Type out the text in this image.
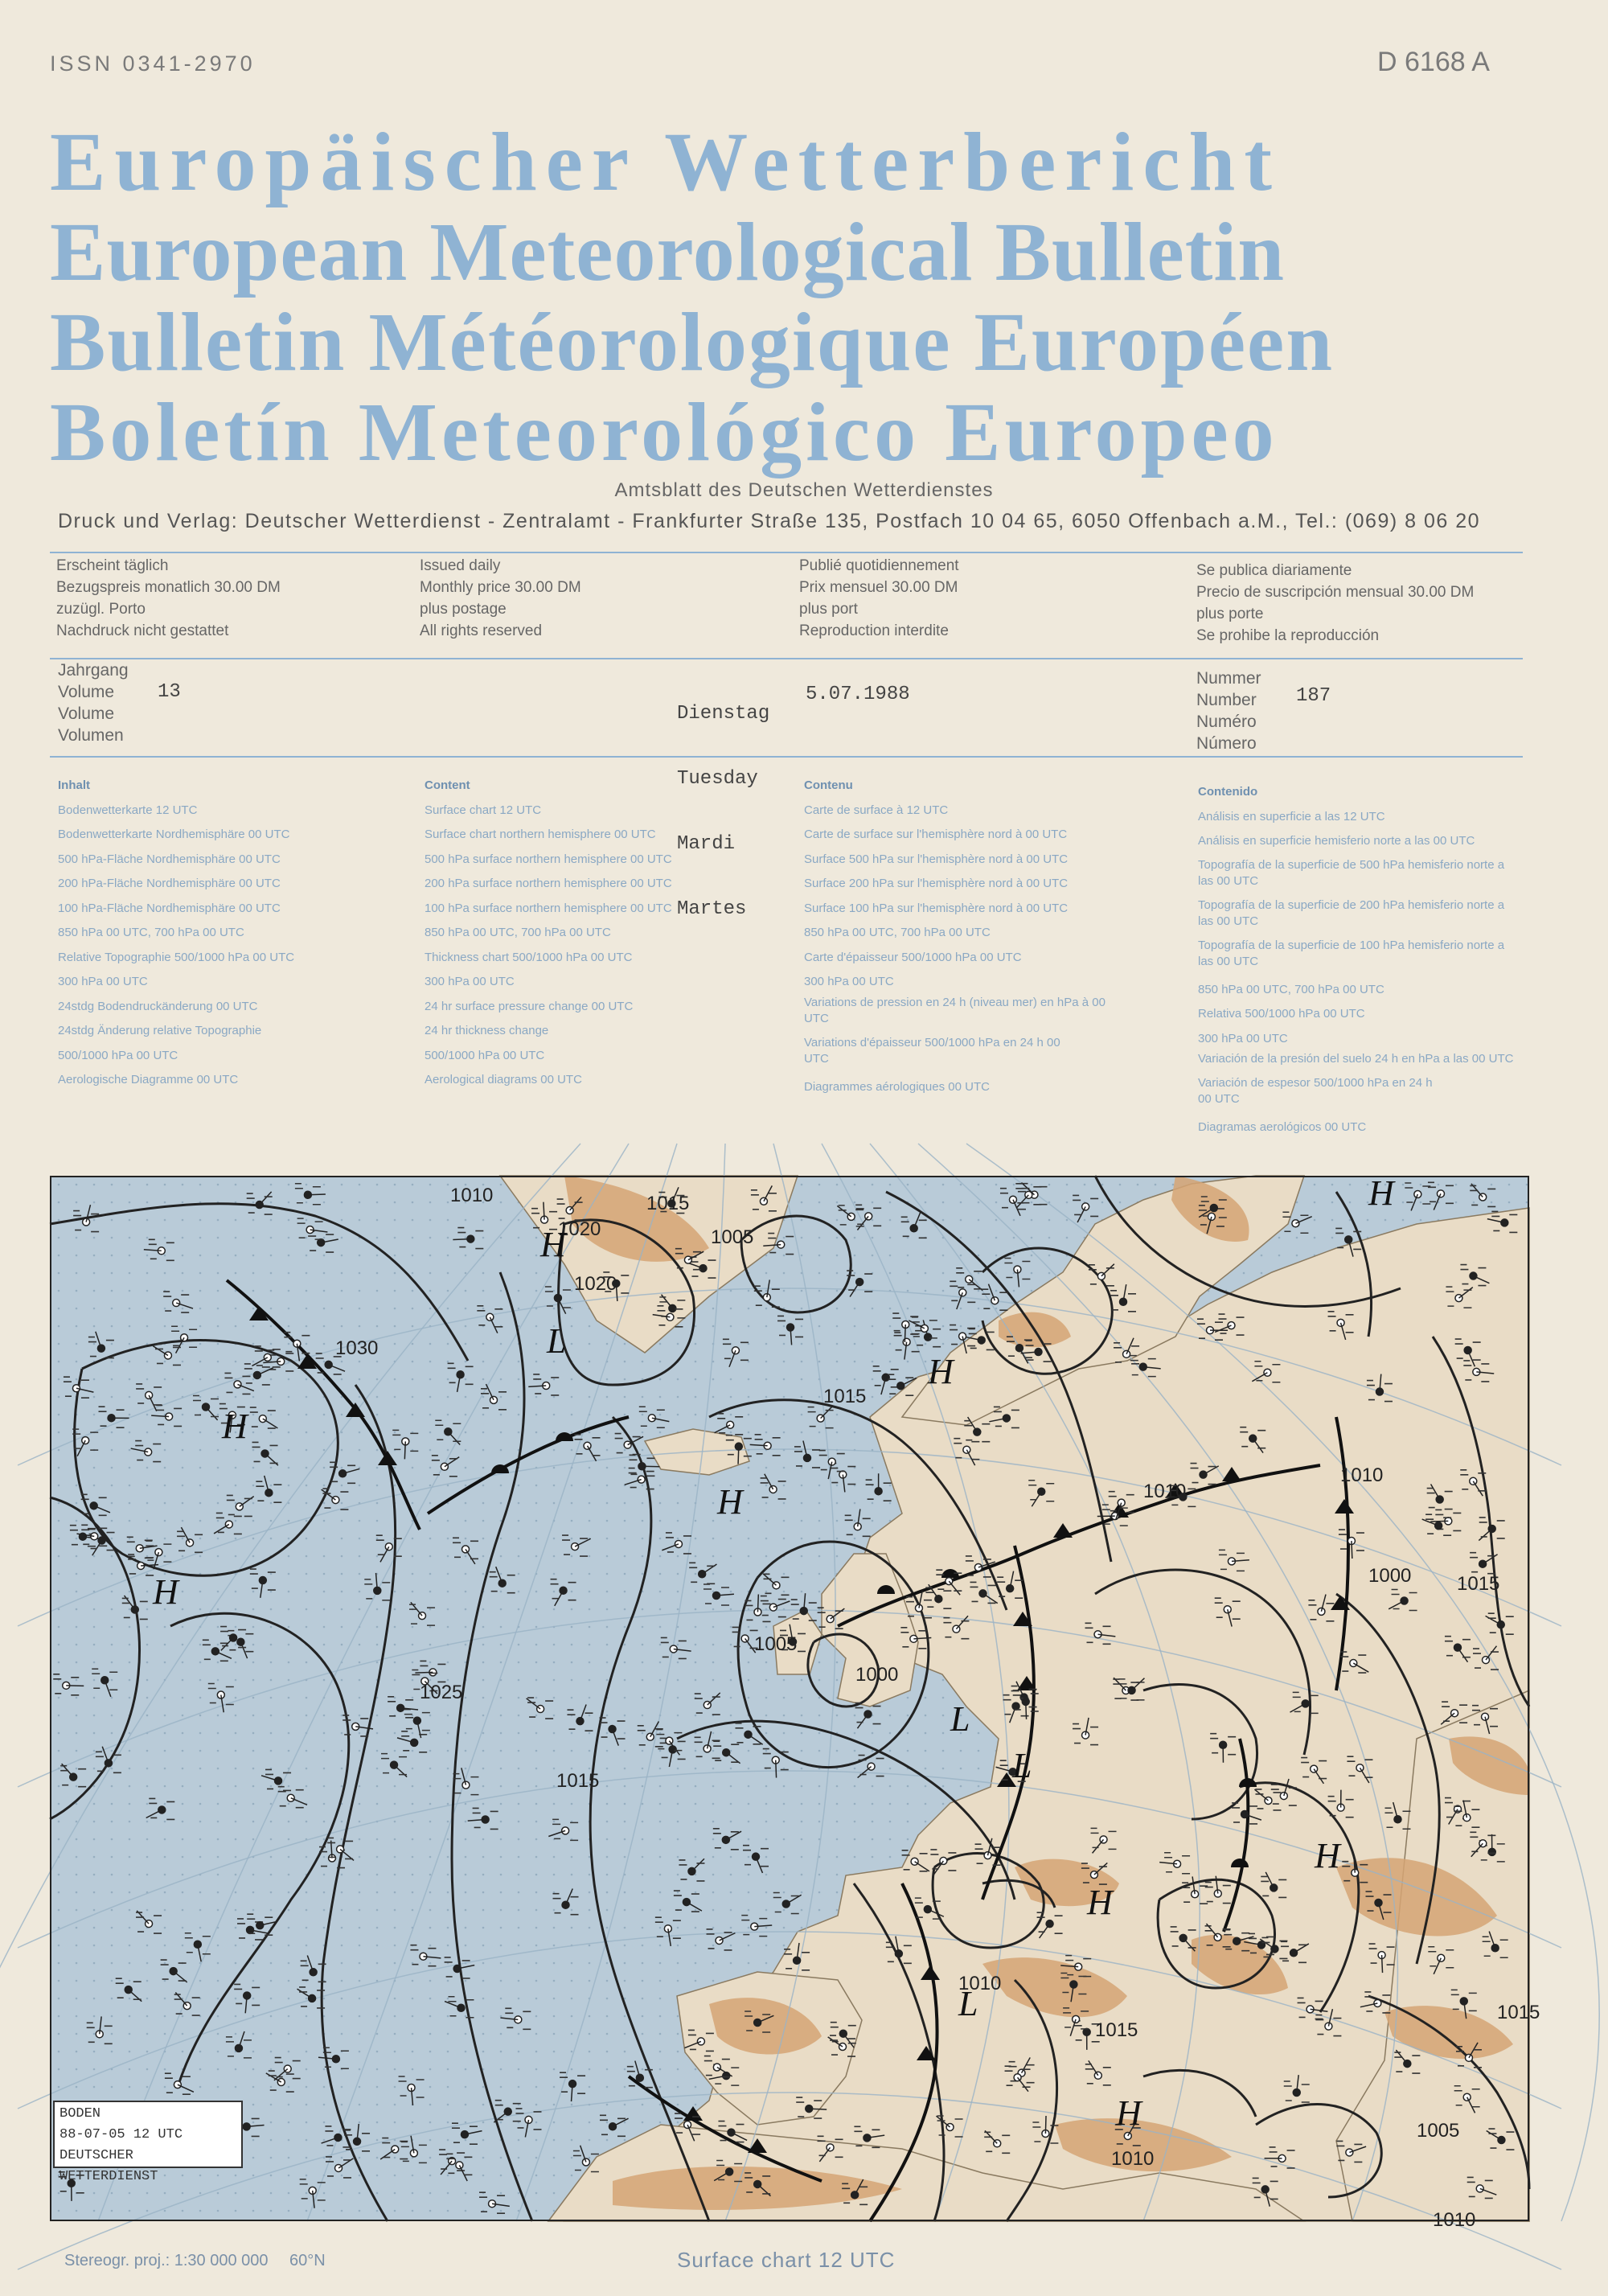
ISSN 0341-2970	D 6168 A
Europäischer Wetterbericht
European Meteorological Bulletin
Bulletin Météorologique Européen
Boletín Meteorológico Europeo
Amtsblatt des Deutschen Wetterdienstes
Druck und Verlag: Deutscher Wetterdienst - Zentralamt - Frankfurter Straße 135, Postfach 10 04 65, 6050 Offenbach a.M., Tel.: (069) 8 06 20
Erscheint täglich
Bezugspreis monatlich 30.00 DM
zuzügl. Porto
Nachdruck nicht gestattet
Issued daily
Monthly price 30.00 DM
plus postage
All rights reserved
Publié quotidiennement
Prix mensuel 30.00 DM
plus port
Reproduction interdite
Se publica diariamente
Precio de suscripción mensual 30.00 DM
plus porte
Se prohibe la reproducción
Jahrgang
Volume
Volume
Volumen
13

Dienstag

Tuesday

Mardi

Martes

5.07.1988
Nummer
Number
Numéro
Número
187
Inhalt
Bodenwetterkarte 12 UTC
Bodenwetterkarte Nordhemisphäre 00 UTC
500 hPa-Fläche Nordhemisphäre 00 UTC
200 hPa-Fläche Nordhemisphäre 00 UTC
100 hPa-Fläche Nordhemisphäre 00 UTC
850 hPa 00 UTC, 700 hPa 00 UTC
Relative Topographie 500/1000 hPa 00 UTC
300 hPa 00 UTC
24stdg Bodendruckänderung 00 UTC
24stdg Änderung relative Topographie
500/1000 hPa 00 UTC
Aerologische Diagramme 00 UTC
Content
Surface chart 12 UTC
Surface chart northern hemisphere 00 UTC
500 hPa surface northern hemisphere 00 UTC
200 hPa surface northern hemisphere 00 UTC
100 hPa surface northern hemisphere 00 UTC
850 hPa 00 UTC, 700 hPa 00 UTC
Thickness chart 500/1000 hPa 00 UTC
300 hPa 00 UTC
24 hr surface pressure change 00 UTC
24 hr thickness change
500/1000 hPa 00 UTC
Aerological diagrams 00 UTC
Contenu
Carte de surface à 12 UTC
Carte de surface sur l'hemisphère nord à 00 UTC
Surface 500 hPa sur l'hemisphère nord à 00 UTC
Surface 200 hPa sur l'hemisphère nord à 00 UTC
Surface 100 hPa sur l'hemisphère nord à 00 UTC
850 hPa 00 UTC, 700 hPa 00 UTC
Carte d'épaisseur 500/1000 hPa 00 UTC
300 hPa 00 UTC
Variations de pression en 24 h (niveau mer) en hPa à 00 UTC
Variations d'épaisseur 500/1000 hPa en 24 h 00 UTC
Diagrammes aérologiques 00 UTC
Contenido
Análisis en superficie a las 12 UTC
Análisis en superficie hemisferio norte a las 00 UTC
Topografía de la superficie de 500 hPa hemisferio norte a las 00 UTC
Topografía de la superficie de 200 hPa hemisferio norte a las 00 UTC
Topografía de la superficie de 100 hPa hemisferio norte a las 00 UTC
850 hPa 00 UTC, 700 hPa 00 UTC
Relativa 500/1000 hPa 00 UTC
300 hPa 00 UTC
Variación de la presión del suelo 24 h en hPa a las 00 UTC
Variación de espesor 500/1000 hPa en 24 h 00 UTC
Diagramas aerológicos 00 UTC
1010	1015
1020	1005
1030
1020
1015
1005
1000
1025
1015
1010
1010
1000 1015
1010
1015
1010
1015
1005
1010
H
H
L
H
H
H
L
L
H
L
H
H
H
BODEN
88-07-05 12 UTC
DEUTSCHER WETTERDIENST
Stereogr. proj.: 1:30 000 000 60°N	Surface chart 12 UTC
